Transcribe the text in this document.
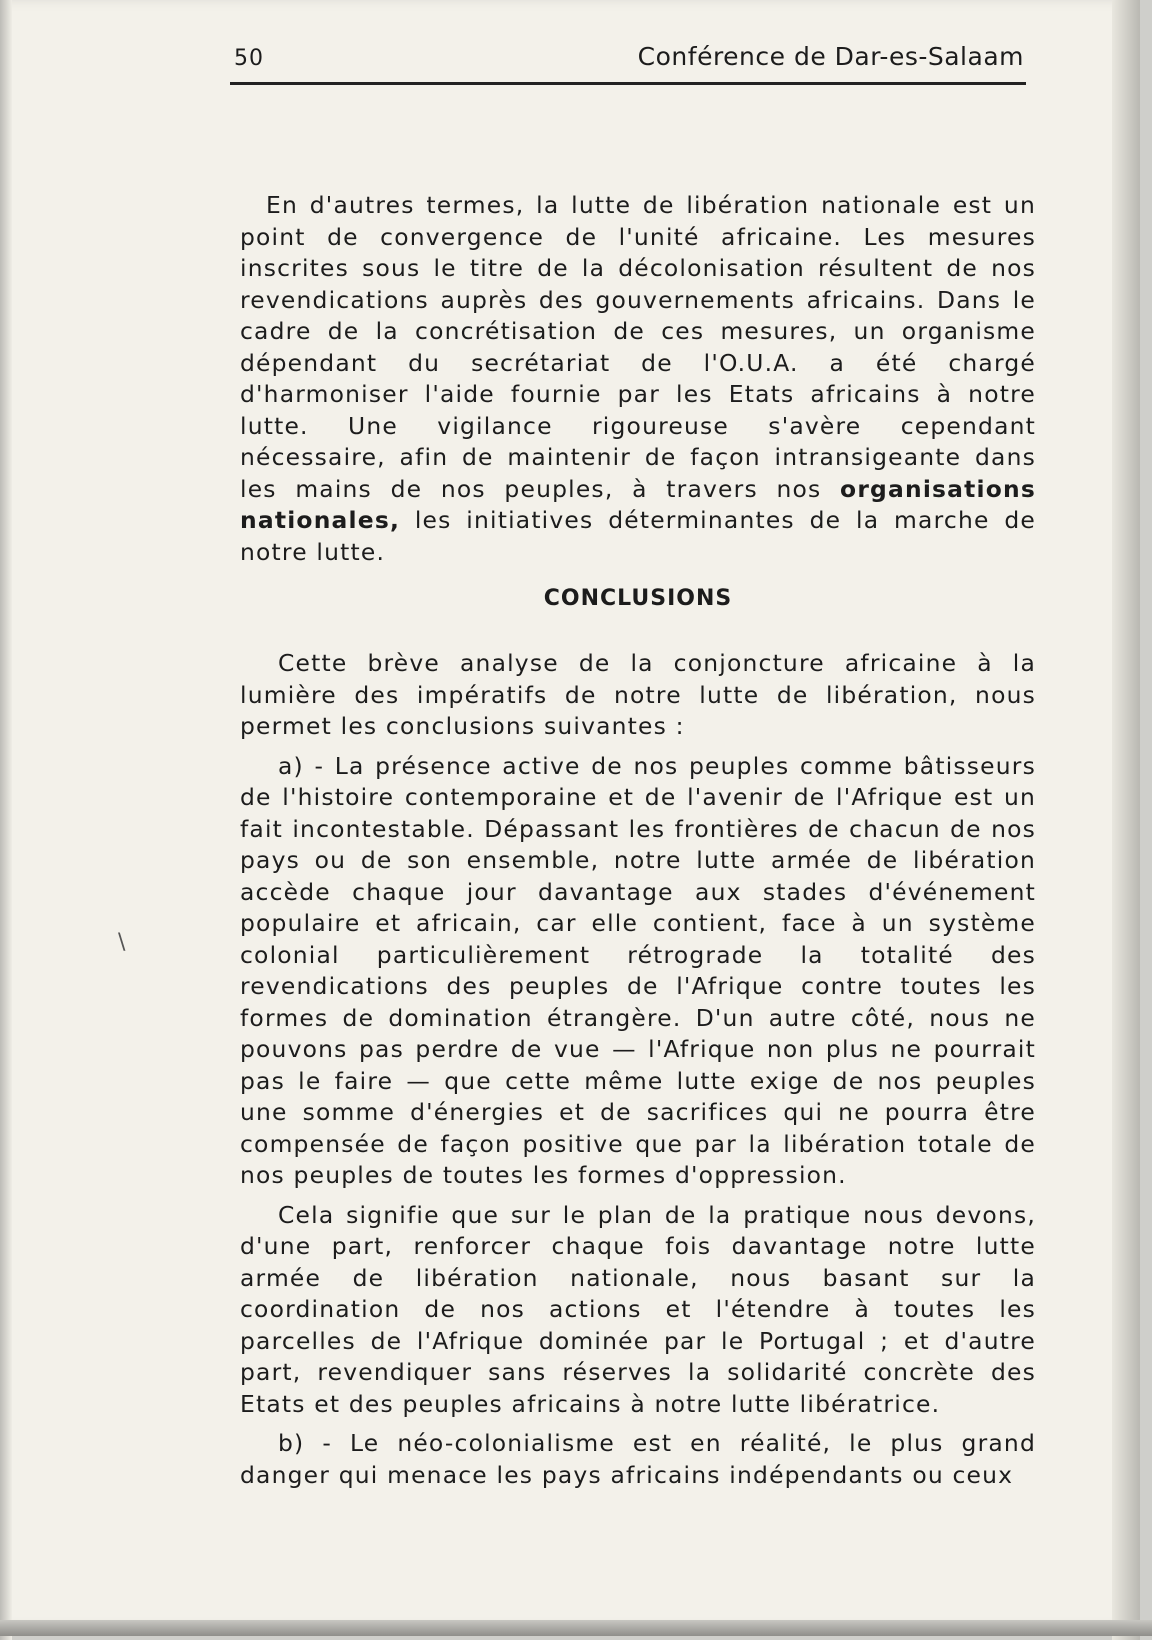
50	Conférence de Dar-es-Salaam

En d'autres termes, la lutte de libération nationale est un point de convergence de l'unité africaine. Les mesures inscrites sous le titre de la décolonisation résultent de nos revendications auprès des gouvernements africains. Dans le cadre de la concrétisation de ces mesures, un organisme dépendant du secrétariat de l'O.U.A. a été chargé d'harmoniser l'aide fournie par les Etats africains à notre lutte. Une vigilance rigoureuse s'avère cependant nécessaire, afin de maintenir de façon intransigeante dans les mains de nos peuples, à travers nos organisations nationales, les initiatives déterminantes de la marche de notre lutte.

CONCLUSIONS

Cette brève analyse de la conjoncture africaine à la lumière des impératifs de notre lutte de libération, nous permet les conclusions suivantes :

a) - La présence active de nos peuples comme bâtisseurs de l'histoire contemporaine et de l'avenir de l'Afrique est un fait incontestable. Dépassant les frontières de chacun de nos pays ou de son ensemble, notre lutte armée de libération accède chaque jour davantage aux stades d'événement populaire et africain, car elle contient, face à un système colonial particulièrement rétrograde la totalité des revendications des peuples de l'Afrique contre toutes les formes de domination étrangère. D'un autre côté, nous ne pouvons pas perdre de vue — l'Afrique non plus ne pourrait pas le faire — que cette même lutte exige de nos peuples une somme d'énergies et de sacrifices qui ne pourra être compensée de façon positive que par la libération totale de nos peuples de toutes les formes d'oppression.

Cela signifie que sur le plan de la pratique nous devons, d'une part, renforcer chaque fois davantage notre lutte armée de libération nationale, nous basant sur la coordination de nos actions et l'étendre à toutes les parcelles de l'Afrique dominée par le Portugal ; et d'autre part, revendiquer sans réserves la solidarité concrète des Etats et des peuples africains à notre lutte libératrice.

b) - Le néo-colonialisme est en réalité, le plus grand danger qui menace les pays africains indépendants ou ceux

\
